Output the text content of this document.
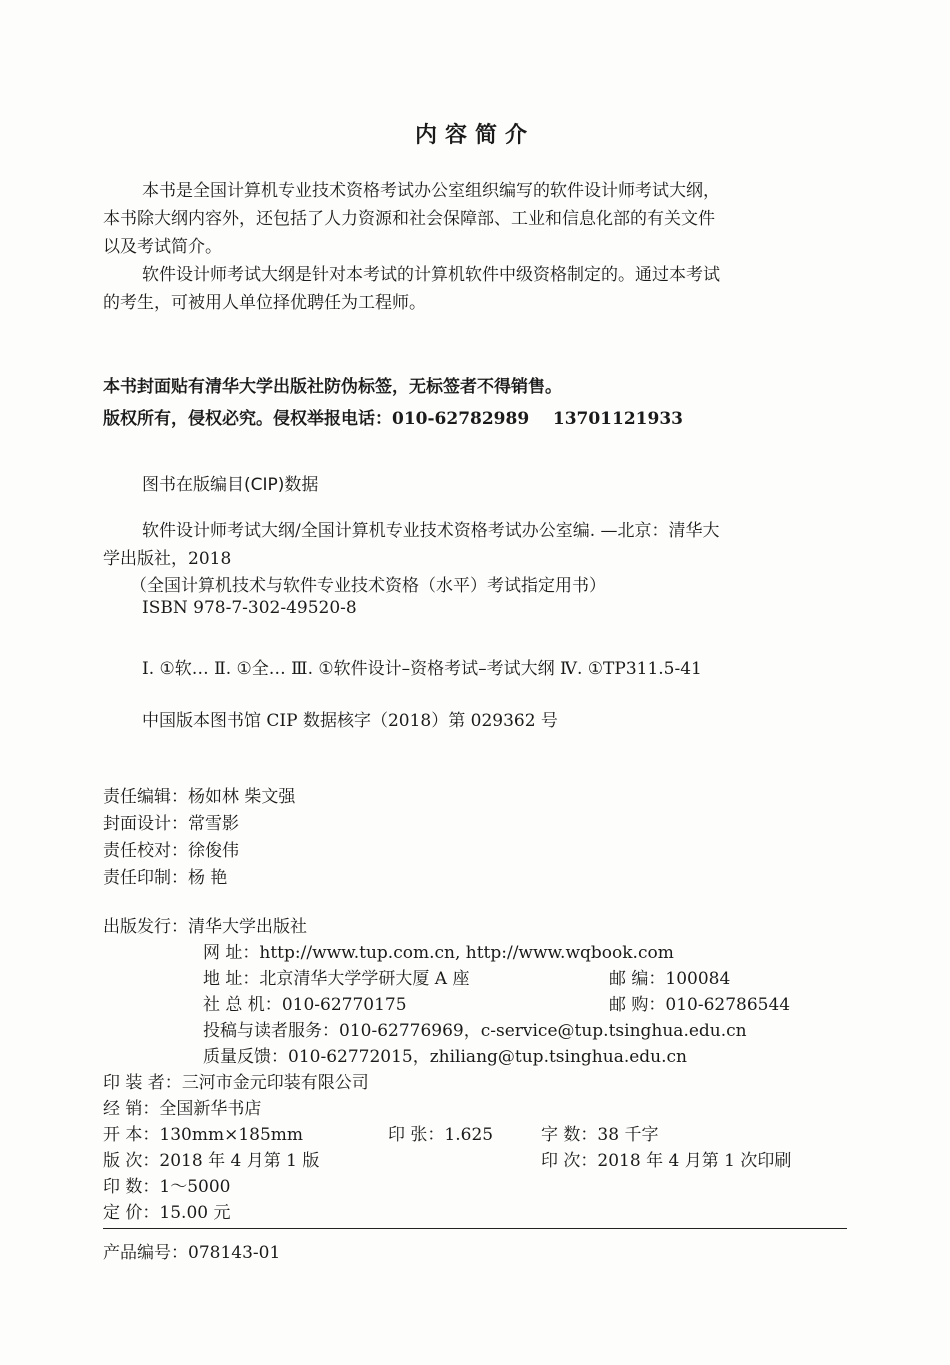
内容简介
本书是全国计算机专业技术资格考试办公室组织编写的软件设计师考试大纲，
本书除大纲内容外，还包括了人力资源和社会保障部、工业和信息化部的有关文件
以及考试简介。
软件设计师考试大纲是针对本考试的计算机软件中级资格制定的。通过本考试
的考生，可被用人单位择优聘任为工程师。
本书封面贴有清华大学出版社防伪标签，无标签者不得销售。
版权所有，侵权必究。侵权举报电话：010-62782989 13701121933
图书在版编目(CIP)数据
软件设计师考试大纲/全国计算机专业技术资格考试办公室编. —北京：清华大
学出版社，2018
（全国计算机技术与软件专业技术资格（水平）考试指定用书）
ISBN 978-7-302-49520-8
Ⅰ. ①软… Ⅱ. ①全… Ⅲ. ①软件设计–资格考试–考试大纲 Ⅳ. ①TP311.5-41
中国版本图书馆 CIP 数据核字（2018）第 029362 号
责任编辑：杨如林 柴文强
封面设计：常雪影
责任校对：徐俊伟
责任印制：杨 艳
出版发行：清华大学出版社
网 址：http://www.tup.com.cn, http://www.wqbook.com
地 址：北京清华大学学研大厦 A 座	邮 编：100084
社 总 机：010-62770175	邮 购：010-62786544
投稿与读者服务：010-62776969，c-service@tup.tsinghua.edu.cn
质量反馈：010-62772015，zhiliang@tup.tsinghua.edu.cn
印 装 者：三河市金元印装有限公司
经 销：全国新华书店
开 本：130mm×185mm	印 张：1.625	字 数：38 千字
版 次：2018 年 4 月第 1 版	印 次：2018 年 4 月第 1 次印刷
印 数：1～5000
定 价：15.00 元
产品编号：078143-01
